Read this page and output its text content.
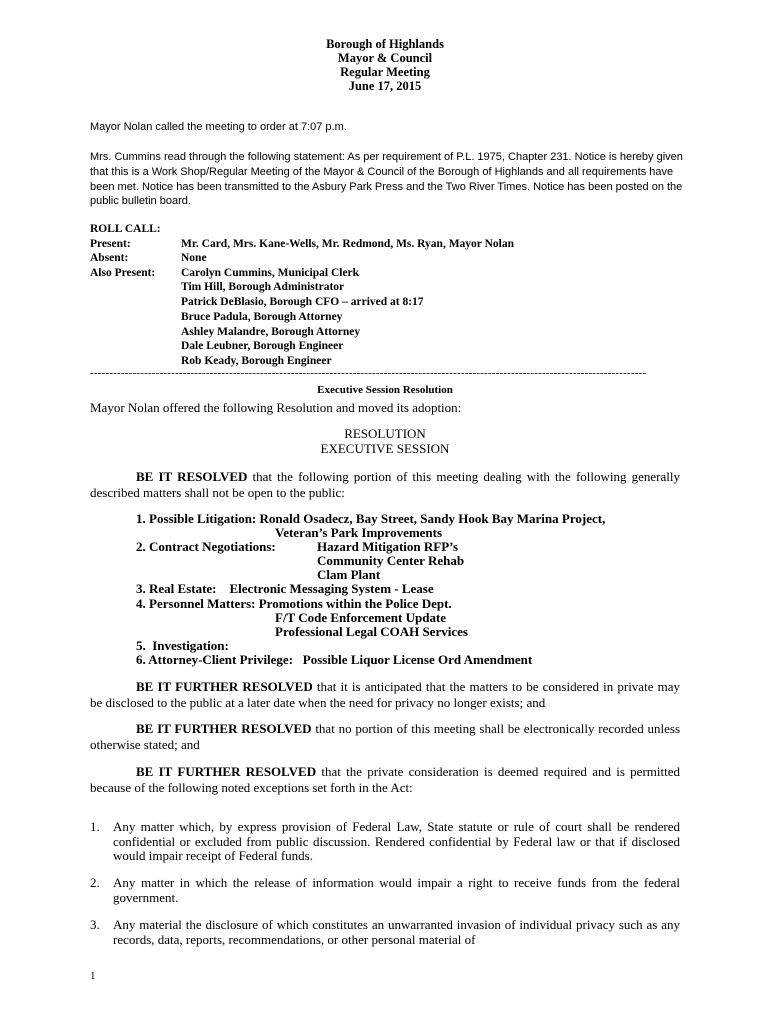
Borough of Highlands
Mayor & Council
Regular Meeting
June 17, 2015
Mayor Nolan called the meeting to order at 7:07 p.m.
Mrs. Cummins read through the following statement: As per requirement of P.L. 1975, Chapter 231. Notice is hereby given that this is a Work Shop/Regular Meeting of the Mayor & Council of the Borough of Highlands and all requirements have been met. Notice has been transmitted to the Asbury Park Press and the Two River Times. Notice has been posted on the public bulletin board.
ROLL CALL:
Present:	Mr. Card, Mrs. Kane-Wells, Mr. Redmond, Ms. Ryan, Mayor Nolan
Absent:	None
Also Present: Carolyn Cummins, Municipal Clerk
Tim Hill, Borough Administrator
Patrick DeBlasio, Borough CFO – arrived at 8:17
Bruce Padula, Borough Attorney
Ashley Malandre, Borough Attorney
Dale Leubner, Borough Engineer
Rob Keady, Borough Engineer
------------------------------------------------------------------------------------------------------------------------------------------------
Executive Session Resolution
Mayor Nolan offered the following Resolution and moved its adoption:
RESOLUTION
EXECUTIVE SESSION
BE IT RESOLVED that the following portion of this meeting dealing with the following generally described matters shall not be open to the public:
1. Possible Litigation: Ronald Osadecz, Bay Street, Sandy Hook Bay Marina Project,
Veteran’s Park Improvements
2. Contract Negotiations:	Hazard Mitigation RFP’s
Community Center Rehab
Clam Plant
3. Real Estate:    Electronic Messaging System - Lease
4. Personnel Matters: Promotions within the Police Dept.
F/T Code Enforcement Update
Professional Legal COAH Services
5.  Investigation:
6. Attorney-Client Privilege:   Possible Liquor License Ord Amendment
BE IT FURTHER RESOLVED that it is anticipated that the matters to be considered in private may be disclosed to the public at a later date when the need for privacy no longer exists; and
BE IT FURTHER RESOLVED that no portion of this meeting shall be electronically recorded unless otherwise stated; and
BE IT FURTHER RESOLVED that the private consideration is deemed required and is permitted because of the following noted exceptions set forth in the Act:
1. Any matter which, by express provision of Federal Law, State statute or rule of court shall be rendered confidential or excluded from public discussion. Rendered confidential by Federal law or that if disclosed would impair receipt of Federal funds.
2. Any matter in which the release of information would impair a right to receive funds from the federal government.
3. Any material the disclosure of which constitutes an unwarranted invasion of individual privacy such as any records, data, reports, recommendations, or other personal material of
1
